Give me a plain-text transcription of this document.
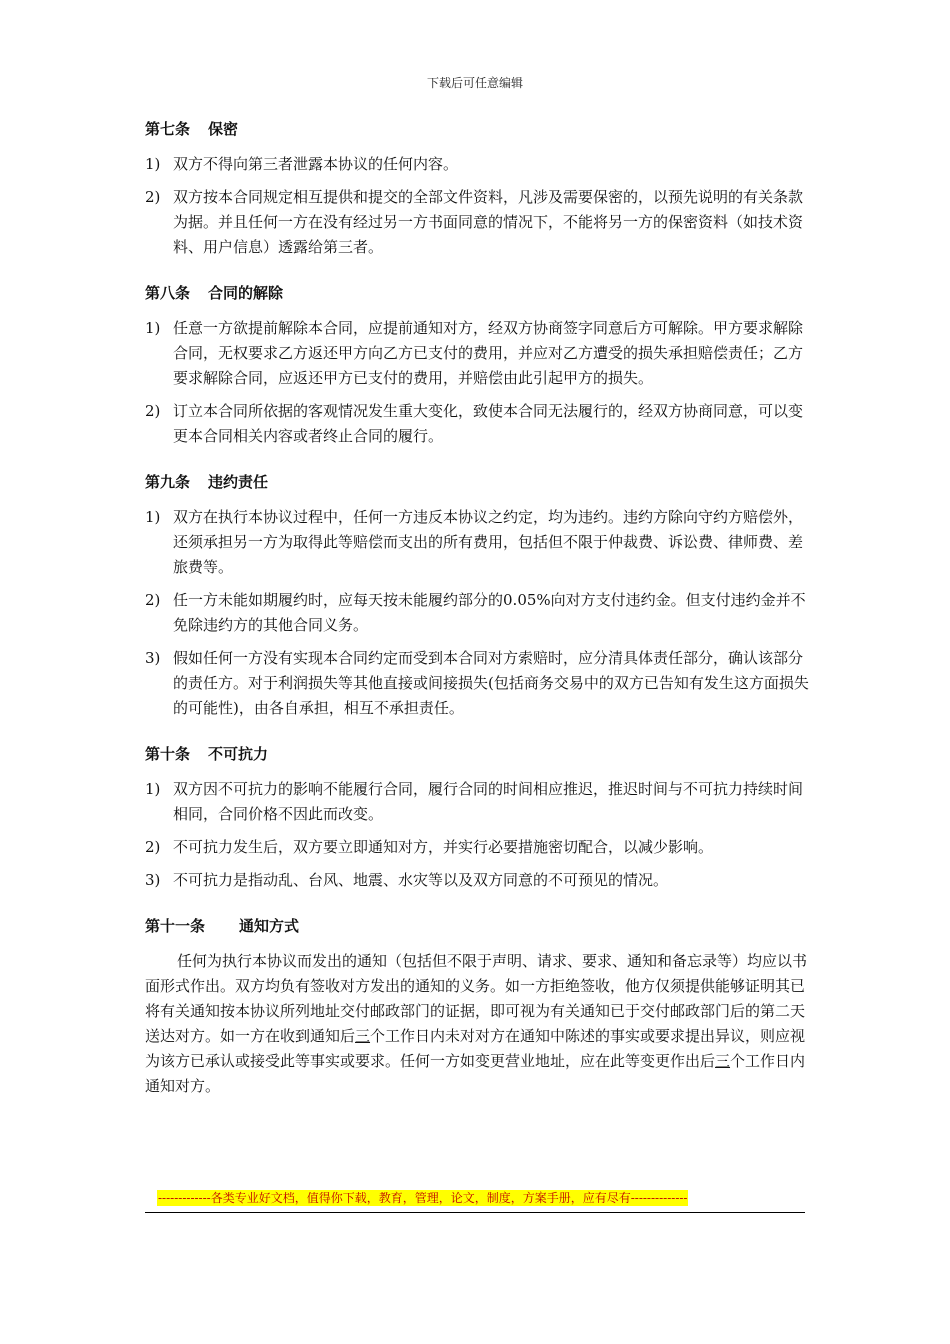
下载后可任意编辑
第七条 保密
1) 双方不得向第三者泄露本协议的任何内容。
2) 双方按本合同规定相互提供和提交的全部文件资料，凡涉及需要保密的，以预先说明的有关条款为据。并且任何一方在没有经过另一方书面同意的情况下，不能将另一方的保密资料（如技术资料、用户信息）透露给第三者。
第八条 合同的解除
1) 任意一方欲提前解除本合同，应提前通知对方，经双方协商签字同意后方可解除。甲方要求解除合同，无权要求乙方返还甲方向乙方已支付的费用，并应对乙方遭受的损失承担赔偿责任；乙方要求解除合同，应返还甲方已支付的费用，并赔偿由此引起甲方的损失。
2) 订立本合同所依据的客观情况发生重大变化，致使本合同无法履行的，经双方协商同意，可以变更本合同相关内容或者终止合同的履行。
第九条 违约责任
1) 双方在执行本协议过程中，任何一方违反本协议之约定，均为违约。违约方除向守约方赔偿外，还须承担另一方为取得此等赔偿而支出的所有费用，包括但不限于仲裁费、诉讼费、律师费、差旅费等。
2) 任一方未能如期履约时，应每天按未能履约部分的0.05%向对方支付违约金。但支付违约金并不免除违约方的其他合同义务。
3) 假如任何一方没有实现本合同约定而受到本合同对方索赔时，应分清具体责任部分，确认该部分的责任方。对于利润损失等其他直接或间接损失(包括商务交易中的双方已告知有发生这方面损失的可能性)，由各自承担，相互不承担责任。
第十条 不可抗力
1) 双方因不可抗力的影响不能履行合同，履行合同的时间相应推迟，推迟时间与不可抗力持续时间相同，合同价格不因此而改变。
2) 不可抗力发生后，双方要立即通知对方，并实行必要措施密切配合，以减少影响。
3) 不可抗力是指动乱、台风、地震、水灾等以及双方同意的不可预见的情况。
第十一条 通知方式

任何为执行本协议而发出的通知（包括但不限于声明、请求、要求、通知和备忘录等）均应以书面形式作出。双方均负有签收对方发出的通知的义务。如一方拒绝签收，他方仅须提供能够证明其已将有关通知按本协议所列地址交付邮政部门的证据，即可视为有关通知已于交付邮政部门后的第二天送达对方。如一方在收到通知后三个工作日内未对对方在通知中陈述的事实或要求提出异议，则应视为该方已承认或接受此等事实或要求。任何一方如变更营业地址，应在此等变更作出后三个工作日内通知对方。

-------------各类专业好文档，值得你下载，教育，管理，论文，制度，方案手册，应有尽有--------------
